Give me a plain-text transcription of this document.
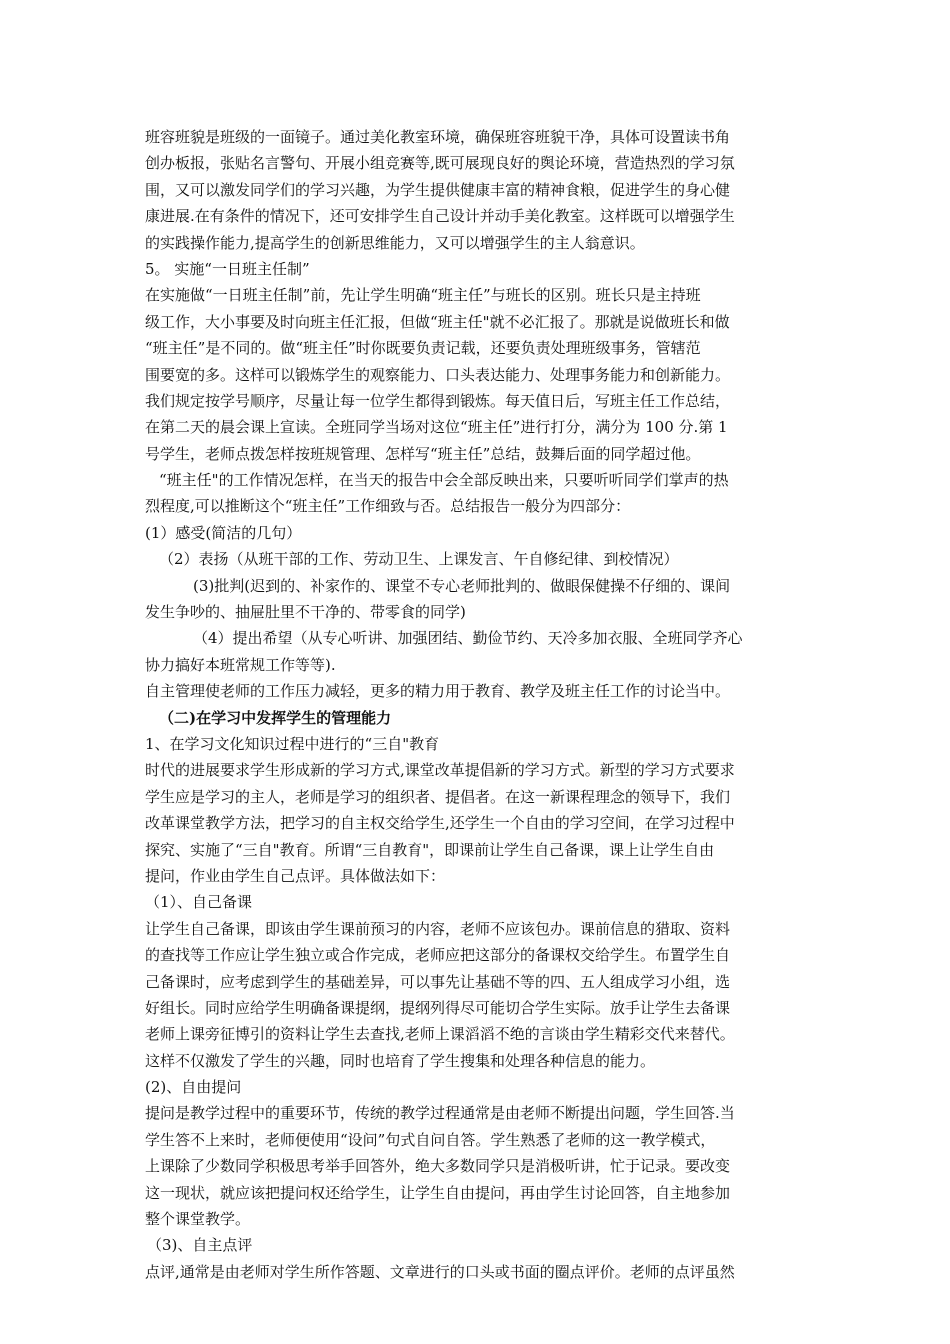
班容班貌是班级的一面镜子。通过美化教室环境，确保班容班貌干净，具体可设置读书角
创办板报，张贴名言警句、开展小组竞赛等,既可展现良好的舆论环境，营造热烈的学习氛
围，又可以激发同学们的学习兴趣，为学生提供健康丰富的精神食粮，促进学生的身心健
康进展.在有条件的情况下，还可安排学生自己设计并动手美化教室。这样既可以增强学生
的实践操作能力,提高学生的创新思维能力，又可以增强学生的主人翁意识。
5。 实施“一日班主任制”
在实施做“一日班主任制”前，先让学生明确“班主任”与班长的区别。班长只是主持班
级工作，大小事要及时向班主任汇报，但做“班主任"就不必汇报了。那就是说做班长和做
“班主任”是不同的。做“班主任”时你既要负责记载，还要负责处理班级事务，管辖范
围要宽的多。这样可以锻炼学生的观察能力、口头表达能力、处理事务能力和创新能力。
我们规定按学号顺序，尽量让每一位学生都得到锻炼。每天值日后，写班主任工作总结，
在第二天的晨会课上宣读。全班同学当场对这位“班主任”进行打分，满分为 100 分.第 1
号学生，老师点拨怎样按班规管理、怎样写“班主任”总结，鼓舞后面的同学超过他。
“班主任"的工作情况怎样，在当天的报告中会全部反映出来，只要听听同学们掌声的热
烈程度,可以推断这个“班主任”工作细致与否。总结报告一般分为四部分：
(1）感受(简洁的几句）
（2）表扬（从班干部的工作、劳动卫生、上课发言、午自修纪律、到校情况）
(3)批判(迟到的、补家作的、课堂不专心老师批判的、做眼保健操不仔细的、课间
发生争吵的、抽屉肚里不干净的、带零食的同学)
（4）提出希望（从专心听讲、加强团结、勤俭节约、天冷多加衣服、全班同学齐心
协力搞好本班常规工作等等).
自主管理使老师的工作压力减轻，更多的精力用于教育、教学及班主任工作的讨论当中。
（二)在学习中发挥学生的管理能力
1、在学习文化知识过程中进行的“三自"教育
时代的进展要求学生形成新的学习方式,课堂改革提倡新的学习方式。新型的学习方式要求
学生应是学习的主人，老师是学习的组织者、提倡者。在这一新课程理念的领导下，我们
改革课堂教学方法，把学习的自主权交给学生,还学生一个自由的学习空间，在学习过程中
探究、实施了“三自"教育。所谓“三自教育"，即课前让学生自己备课，课上让学生自由
提问，作业由学生自己点评。具体做法如下：
（1）、自己备课
让学生自己备课，即该由学生课前预习的内容，老师不应该包办。课前信息的猎取、资料
的查找等工作应让学生独立或合作完成，老师应把这部分的备课权交给学生。布置学生自
己备课时，应考虑到学生的基础差异，可以事先让基础不等的四、五人组成学习小组，选
好组长。同时应给学生明确备课提纲，提纲列得尽可能切合学生实际。放手让学生去备课
老师上课旁征博引的资料让学生去查找,老师上课滔滔不绝的言谈由学生精彩交代来替代。
这样不仅激发了学生的兴趣，同时也培育了学生搜集和处理各种信息的能力。
(2)、自由提问
提问是教学过程中的重要环节，传统的教学过程通常是由老师不断提出问题，学生回答.当
学生答不上来时，老师便使用“设问”句式自问自答。学生熟悉了老师的这一教学模式，
上课除了少数同学积极思考举手回答外，绝大多数同学只是消极听讲，忙于记录。要改变
这一现状，就应该把提问权还给学生，让学生自由提问，再由学生讨论回答，自主地参加
整个课堂教学。
（3)、自主点评
点评,通常是由老师对学生所作答题、文章进行的口头或书面的圈点评价。老师的点评虽然
